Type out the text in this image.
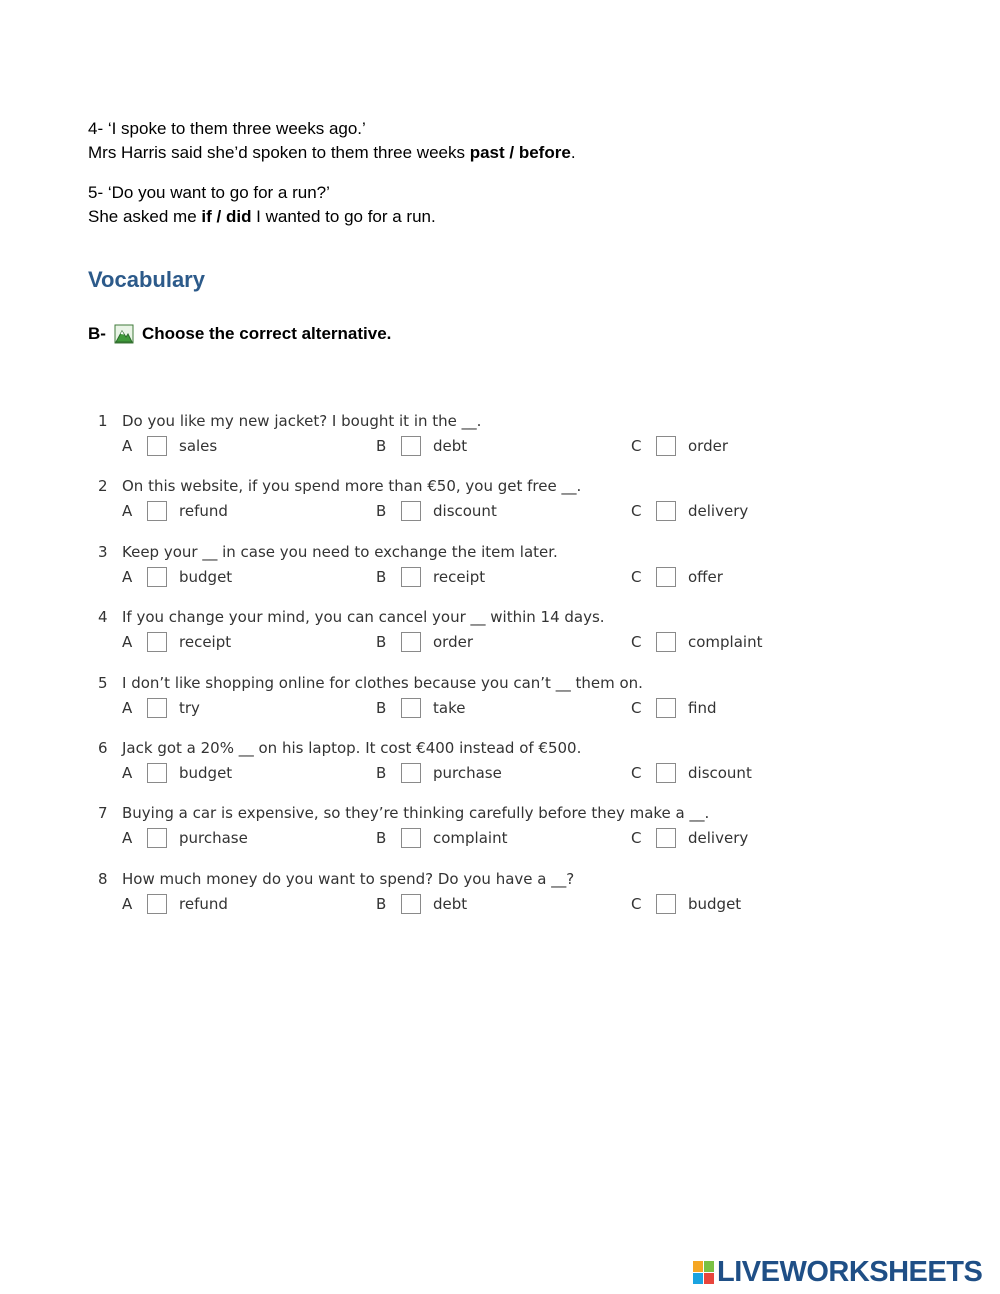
4- ‘I spoke to them three weeks ago.’
Mrs Harris said she’d spoken to them three weeks past / before.
5- ‘Do you want to go for a run?’
She asked me if / did I wanted to go for a run.
Vocabulary
B- Choose the correct alternative.
1 Do you like my new jacket? I bought it in the __.
A	sales	B	debt	C	order
2 On this website, if you spend more than €50, you get free __.
A	refund	B	discount	C	delivery
3 Keep your __ in case you need to exchange the item later.
A	budget	B	receipt	C	offer
4 If you change your mind, you can cancel your __ within 14 days.
A	receipt	B	order	C	complaint
5 I don’t like shopping online for clothes because you can’t __ them on.
A	try	B	take	C	find
6 Jack got a 20% __ on his laptop. It cost €400 instead of €500.
A	budget	B	purchase	C	discount
7 Buying a car is expensive, so they’re thinking carefully before they make a __.
A	purchase	B	complaint	C	delivery
8 How much money do you want to spend? Do you have a __?
A	refund	B	debt	C	budget
LIVEWORKSHEETS
